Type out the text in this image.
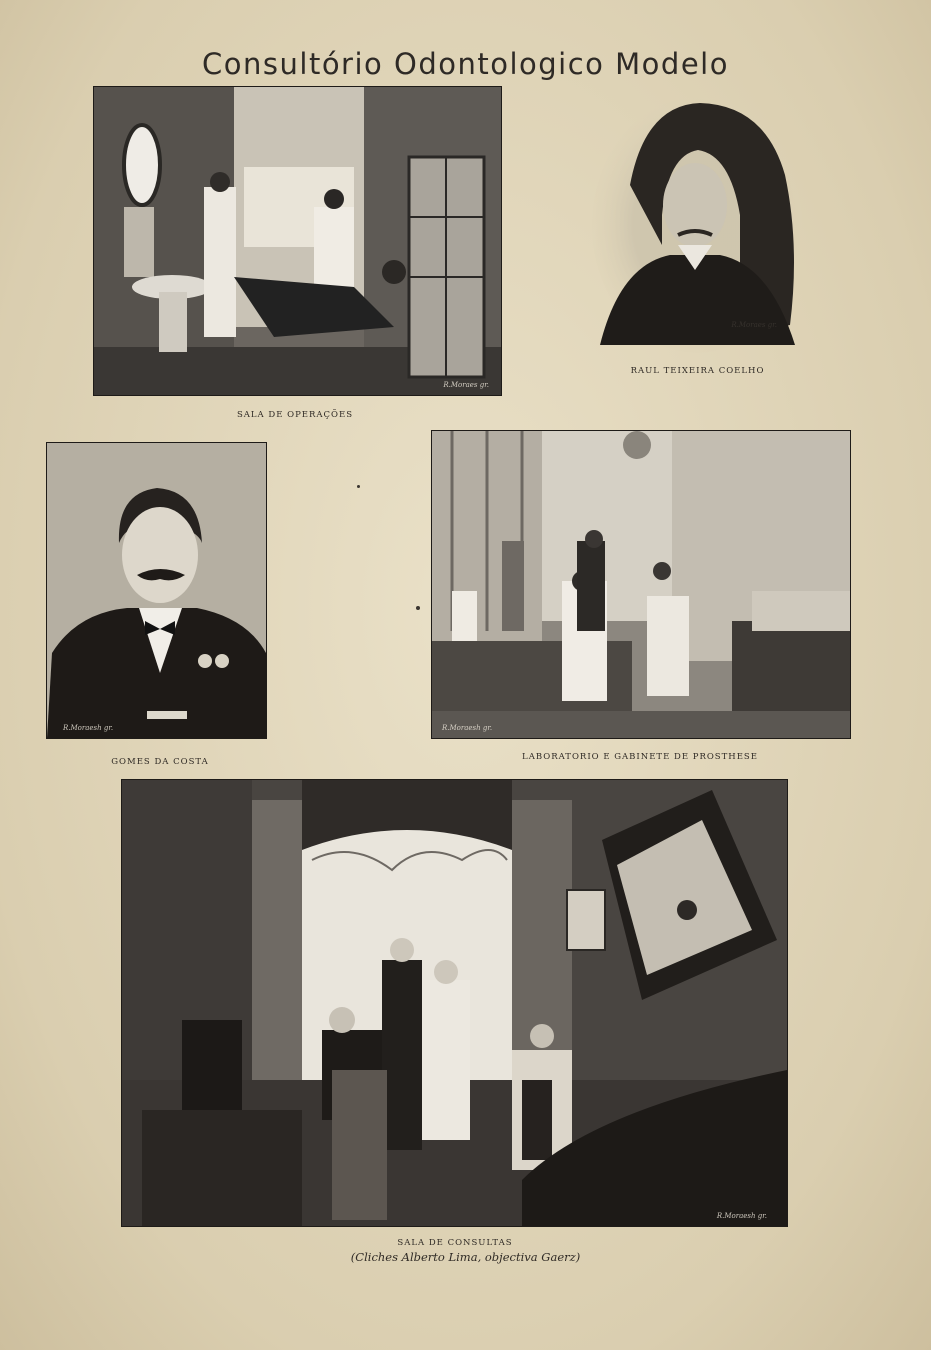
Consultório Odontologico Modelo
R.Moraes gr.
SALA DE OPERAÇÕES
R.Moraes gr.
RAUL TEIXEIRA COELHO
R.Moraesh gr.
GOMES DA COSTA
R.Moraesh gr.
LABORATORIO E GABINETE DE PROSTHESE
R.Moraesh gr.
SALA DE CONSULTAS
(Cliches Alberto Lima, objectiva Gaerz)
